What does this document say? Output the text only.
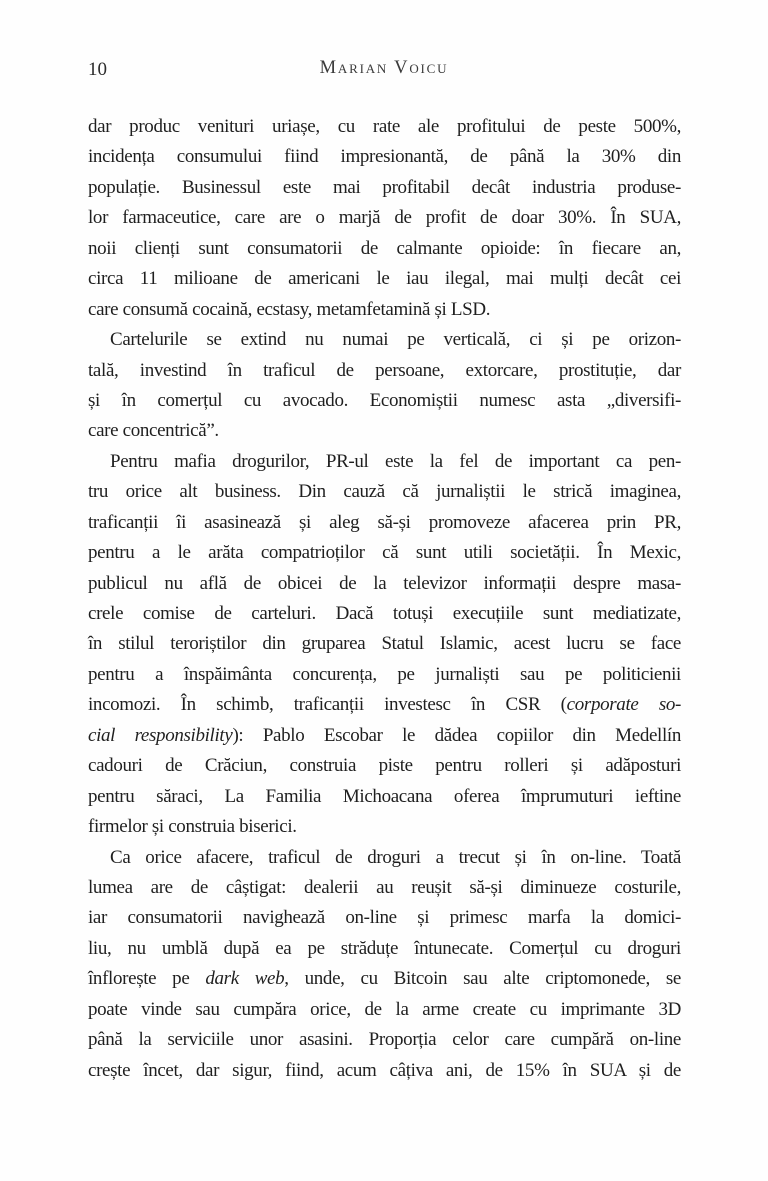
10	Marian Voicu
dar produc venituri uriașe, cu rate ale profitului de peste 500%,
incidența consumului fiind impresionantă, de până la 30% din
populație. Businessul este mai profitabil decât industria produse-
lor farmaceutice, care are o marjă de profit de doar 30%. În SUA,
noii clienți sunt consumatorii de calmante opioide: în fiecare an,
circa 11 milioane de americani le iau ilegal, mai mulți decât cei
care consumă cocaină, ecstasy, metamfetamină și LSD.
Cartelurile se extind nu numai pe verticală, ci și pe orizon-
tală, investind în traficul de persoane, extorcare, prostituție, dar
și în comerțul cu avocado. Economiștii numesc asta „diversifi-
care concentrică”.
Pentru mafia drogurilor, PR-ul este la fel de important ca pen-
tru orice alt business. Din cauză că jurnaliștii le strică imaginea,
traficanții îi asasinează și aleg să-și promoveze afacerea prin PR,
pentru a le arăta compatrioților că sunt utili societății. În Mexic,
publicul nu află de obicei de la televizor informații despre masa-
crele comise de carteluri. Dacă totuși execuțiile sunt mediatizate,
în stilul teroriștilor din gruparea Statul Islamic, acest lucru se face
pentru a înspăimânta concurența, pe jurnaliști sau pe politicienii
incomozi. În schimb, traficanții investesc în CSR (corporate so-
cial responsibility): Pablo Escobar le dădea copiilor din Medellín
cadouri de Crăciun, construia piste pentru rolleri și adăposturi
pentru săraci, La Familia Michoacana oferea împrumuturi ieftine
firmelor și construia biserici.
Ca orice afacere, traficul de droguri a trecut și în on-line. Toată
lumea are de câștigat: dealerii au reușit să-și diminueze costurile,
iar consumatorii navighează on-line și primesc marfa la domici-
liu, nu umblă după ea pe străduțe întunecate. Comerțul cu droguri
înflorește pe dark web, unde, cu Bitcoin sau alte criptomonede, se
poate vinde sau cumpăra orice, de la arme create cu imprimante 3D
până la serviciile unor asasini. Proporția celor care cumpără on-line
crește încet, dar sigur, fiind, acum câțiva ani, de 15% în SUA și de
